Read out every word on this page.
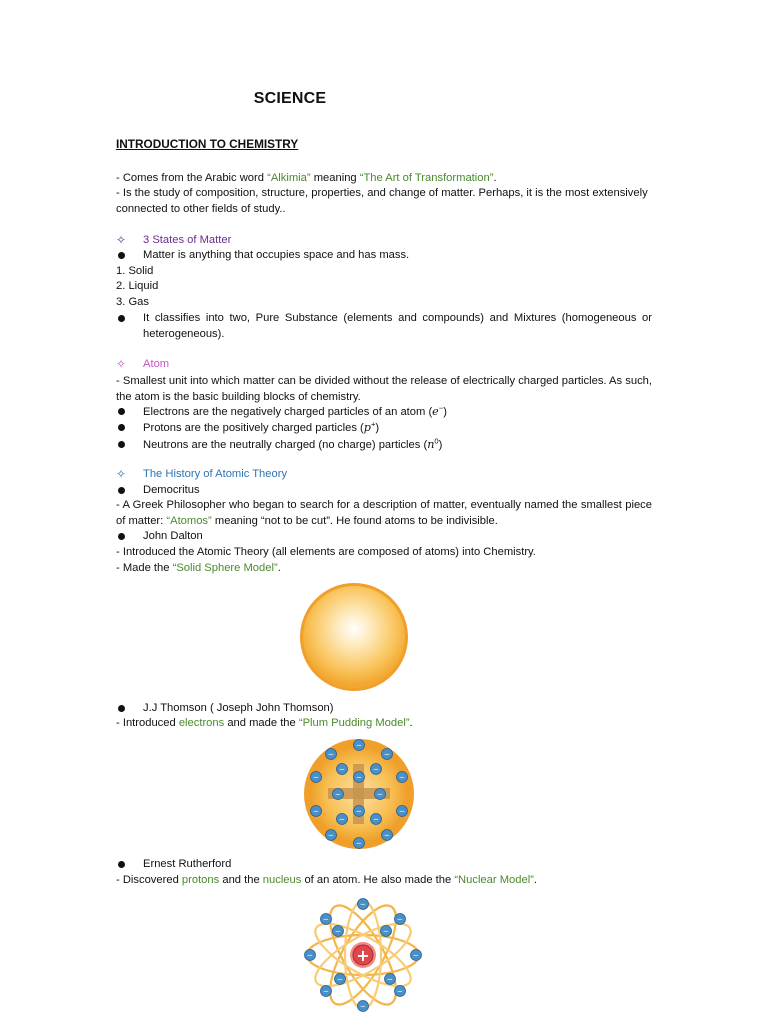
SCIENCE
INTRODUCTION TO CHEMISTRY
- Comes from the Arabic word “Alkimia” meaning “The Art of Transformation”.
- Is the study of composition, structure, properties, and change of matter. Perhaps, it is the most extensively connected to other fields of study..
✧ 3 States of Matter
Matter is anything that occupies space and has mass.
1. Solid
2. Liquid
3. Gas
It classifies into two, Pure Substance (elements and compounds) and Mixtures (homogeneous or heterogeneous).
✧ Atom
- Smallest unit into which matter can be divided without the release of electrically charged particles. As such, the atom is the basic building blocks of chemistry.
Electrons are the negatively charged particles of an atom (e−)
Protons are the positively charged particles (p+)
Neutrons are the neutrally charged (no charge) particles $(n^0)$
✧ The History of Atomic Theory
Democritus
- A Greek Philosopher who began to search for a description of matter, eventually named the smallest piece of matter: “Atomos” meaning “not to be cut”. He found atoms to be indivisible.
John Dalton
- Introduced the Atomic Theory (all elements are composed of atoms) into Chemistry.
- Made the “Solid Sphere Model”.
J.J Thomson ( Joseph John Thomson)
- Introduced electrons and made the “Plum Pudding Model”.
−
−
−
−
−
−
−
−
−
−
−	−
−	−
−
−
−	−
Ernest Rutherford
- Discovered protons and the nucleus of an atom. He also made the “Nuclear Model”.
+
−
−
−
−
−
−
−
−
−
−
−
−
